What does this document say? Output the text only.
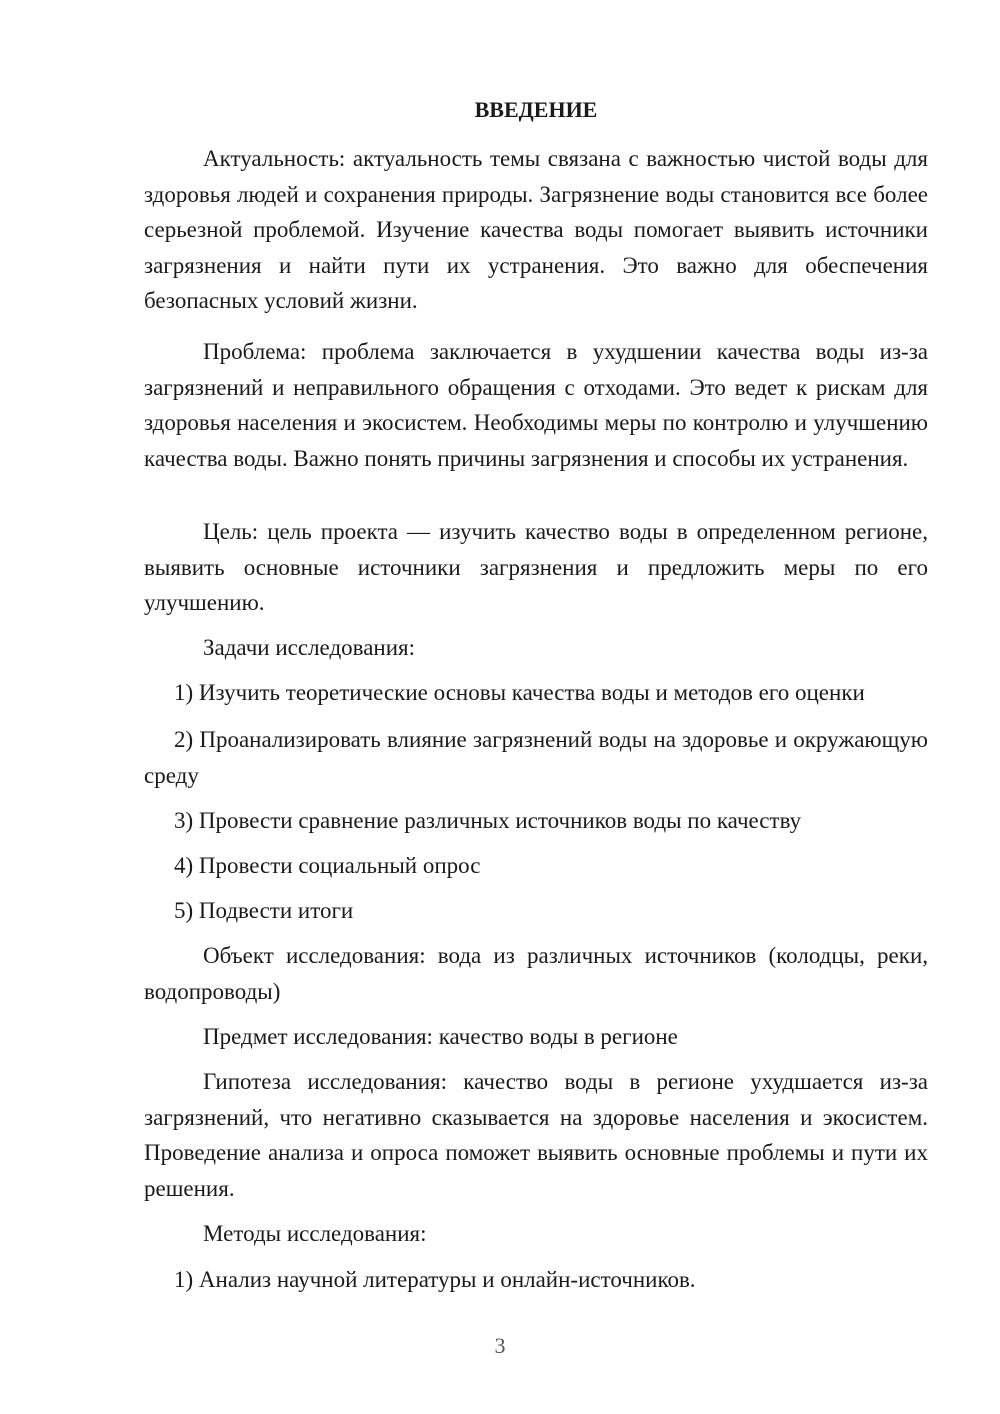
ВВЕДЕНИЕ

Актуальность: актуальность темы связана с важностью чистой воды для здоровья людей и сохранения природы. Загрязнение воды становится все более серьезной проблемой. Изучение качества воды помогает выявить источники загрязнения и найти пути их устранения. Это важно для обеспечения безопасных условий жизни.

Проблема: проблема заключается в ухудшении качества воды из-за загрязнений и неправильного обращения с отходами. Это ведет к рискам для здоровья населения и экосистем. Необходимы меры по контролю и улучшению качества воды. Важно понять причины загрязнения и способы их устранения.

Цель: цель проекта — изучить качество воды в определенном регионе, выявить основные источники загрязнения и предложить меры по его улучшению.

Задачи исследования:

1) Изучить теоретические основы качества воды и методов его оценки

2) Проанализировать влияние загрязнений воды на здоровье и окружающую среду

3) Провести сравнение различных источников воды по качеству

4) Провести социальный опрос

5) Подвести итоги

Объект исследования: вода из различных источников (колодцы, реки, водопроводы)

Предмет исследования: качество воды в регионе

Гипотеза исследования: качество воды в регионе ухудшается из-за загрязнений, что негативно сказывается на здоровье населения и экосистем. Проведение анализа и опроса поможет выявить основные проблемы и пути их решения.

Методы исследования:

1) Анализ научной литературы и онлайн-источников.

3
